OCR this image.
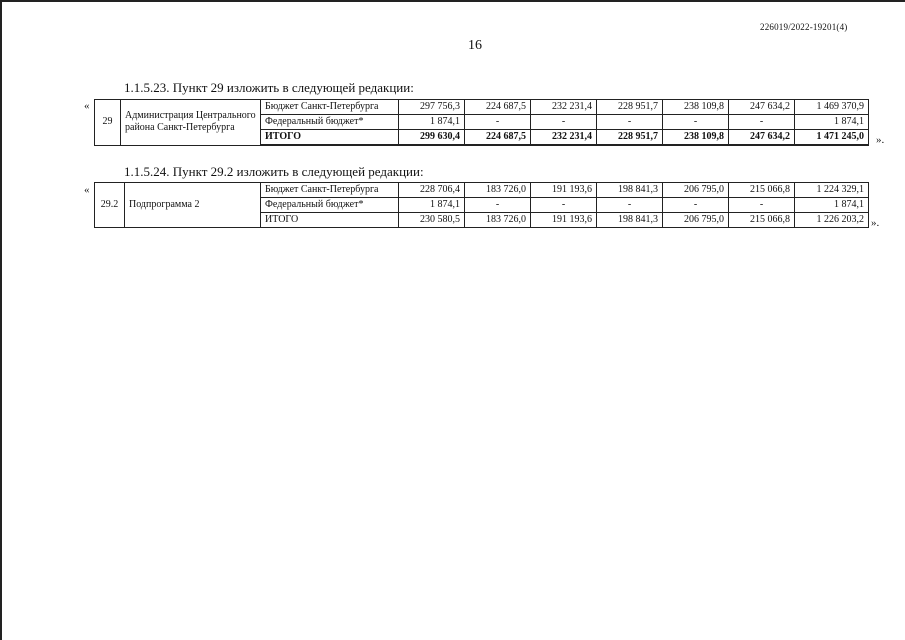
226019/2022-19201(4)
16
1.1.5.23. Пункт 29 изложить в следующей редакции:
«
».
29	Администрация Центрального района Санкт-Петербурга	Бюджет Санкт-Петербурга	297 756,3	224 687,5	232 231,4	228 951,7	238 109,8	247 634,2	1 469 370,9
		Федеральный бюджет*	1 874,1	-	-	-	-	-	1 874,1
		ИТОГО	299 630,4	224 687,5	232 231,4	228 951,7	238 109,8	247 634,2	1 471 245,0
1.1.5.24. Пункт 29.2 изложить в следующей редакции:
«
».
29.2	Подпрограмма 2	Бюджет Санкт-Петербурга	228 706,4	183 726,0	191 193,6	198 841,3	206 795,0	215 066,8	1 224 329,1
		Федеральный бюджет*	1 874,1	-	-	-	-	-	1 874,1
		ИТОГО	230 580,5	183 726,0	191 193,6	198 841,3	206 795,0	215 066,8	1 226 203,2
